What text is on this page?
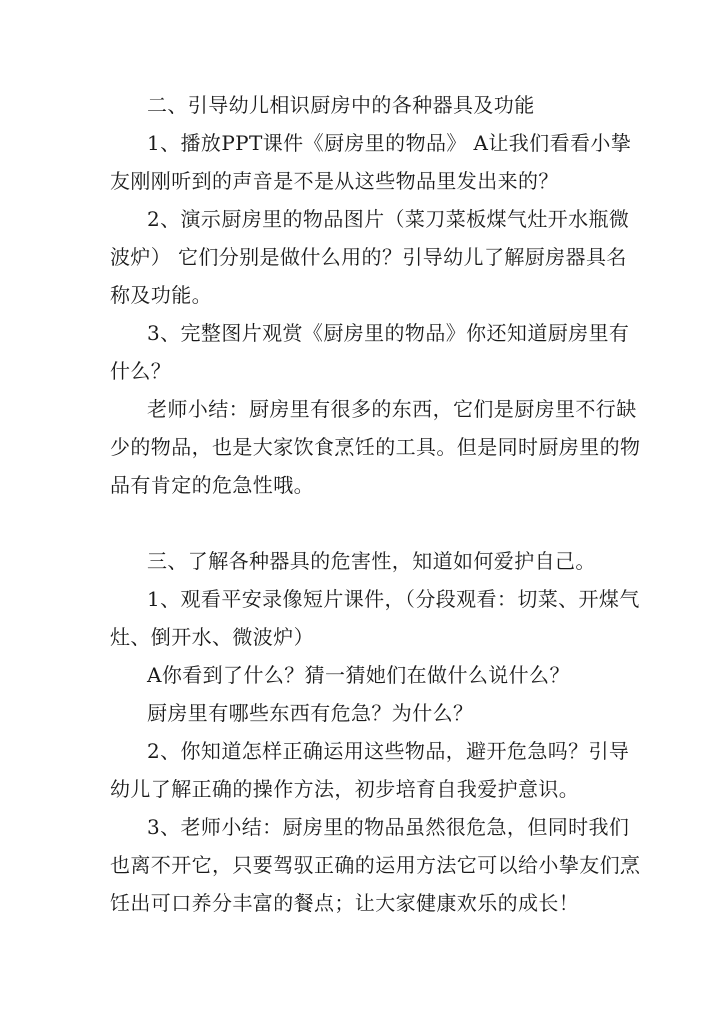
二、引导幼儿相识厨房中的各种器具及功能
1、播放PPT课件《厨房里的物品》 A让我们看看小挚
友刚刚听到的声音是不是从这些物品里发出来的？
2、演示厨房里的物品图片（菜刀菜板煤气灶开水瓶微
波炉） 它们分别是做什么用的？引导幼儿了解厨房器具名
称及功能。
3、完整图片观赏《厨房里的物品》你还知道厨房里有
什么？
老师小结：厨房里有很多的东西，它们是厨房里不行缺
少的物品，也是大家饮食烹饪的工具。但是同时厨房里的物
品有肯定的危急性哦。
三、了解各种器具的危害性，知道如何爱护自己。
1、观看平安录像短片课件，（分段观看：切菜、开煤气
灶、倒开水、微波炉）
A你看到了什么？猜一猜她们在做什么说什么？
厨房里有哪些东西有危急？为什么？
2、你知道怎样正确运用这些物品，避开危急吗？引导
幼儿了解正确的操作方法，初步培育自我爱护意识。
3、老师小结：厨房里的物品虽然很危急，但同时我们
也离不开它，只要驾驭正确的运用方法它可以给小挚友们烹
饪出可口养分丰富的餐点；让大家健康欢乐的成长！
